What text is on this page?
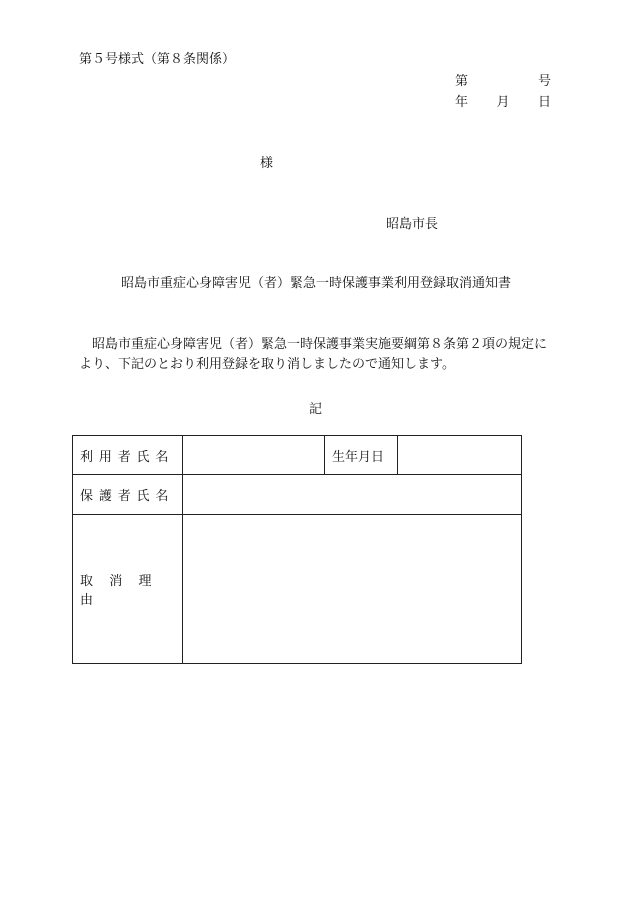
第５号様式（第８条関係）
第	号
年 月 日
様
昭島市長
昭島市重症心身障害児（者）緊急一時保護事業利用登録取消通知書
昭島市重症心身障害児（者）緊急一時保護事業実施要綱第８条第２項の規定により、下記のとおり利用登録を取り消しましたので通知します。
記
利用者氏名		生年月日	
保護者氏名			
取消理由			
